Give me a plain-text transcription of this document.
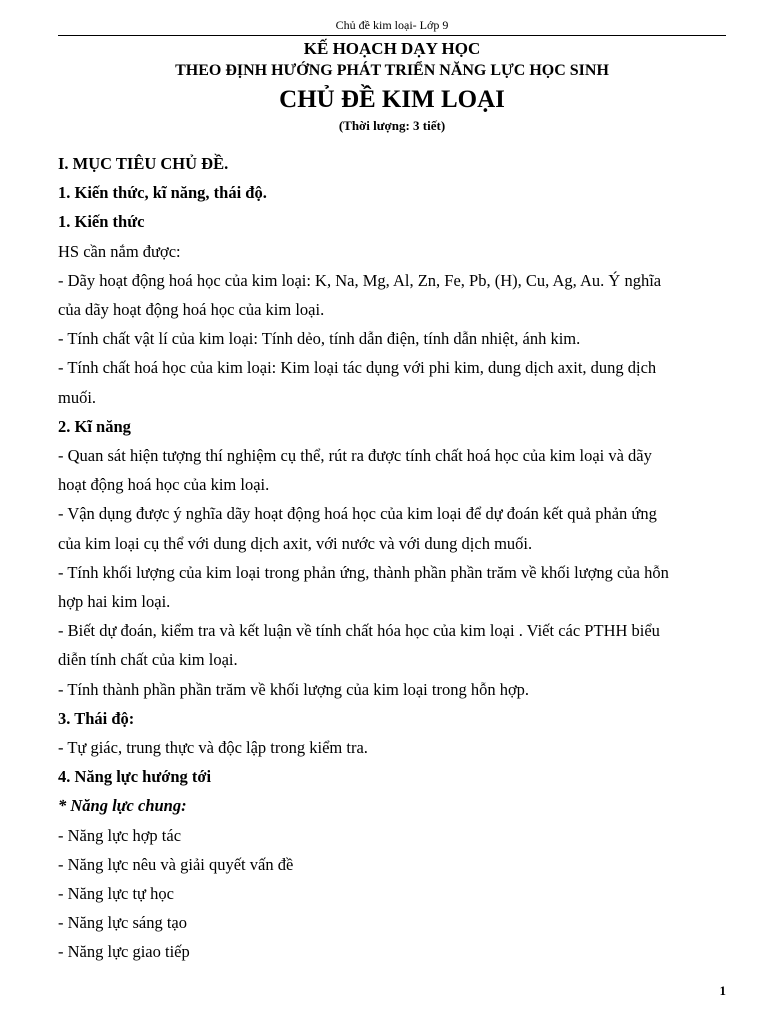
Chủ đề kim loại- Lớp 9

KẾ HOẠCH DẠY HỌC

THEO ĐỊNH HƯỚNG PHÁT TRIỂN NĂNG LỰC HỌC SINH

CHỦ ĐỀ KIM LOẠI

(Thời lượng: 3 tiết)

I. MỤC TIÊU CHỦ ĐỀ.

1. Kiến thức, kĩ năng, thái độ.

1. Kiến thức

HS cần nắm được:

- Dãy hoạt động hoá học của kim loại: K, Na, Mg, Al, Zn, Fe, Pb, (H), Cu, Ag, Au. Ý nghĩa

của dãy hoạt động hoá học của kim loại.

- Tính chất vật lí của kim loại: Tính dẻo, tính dẫn điện, tính dẫn nhiệt, ánh kim.

- Tính chất hoá học của kim loại: Kim loại tác dụng với phi kim, dung dịch axit, dung dịch

muối.

2. Kĩ năng

- Quan sát hiện tượng thí nghiệm cụ thể, rút ra được tính chất hoá học của kim loại và dãy

hoạt động hoá học của kim loại.

- Vận dụng được ý nghĩa dãy hoạt động hoá học của kim loại để dự đoán kết quả phản ứng

của kim loại cụ thể với dung dịch axit, với nước và với dung dịch muối.

- Tính khối lượng của kim loại trong phản ứng, thành phần phần trăm về khối lượng của hỗn

hợp hai kim loại.

- Biết dự đoán, kiểm tra và kết luận về tính chất hóa học của kim loại . Viết các PTHH biểu

diễn tính chất của kim loại.

- Tính thành phần phần trăm về khối lượng của kim loại trong hỗn hợp.

3. Thái độ:

- Tự giác, trung thực và độc lập trong kiểm tra.

4. Năng lực hướng tới

* Năng lực chung:

- Năng lực hợp tác

- Năng lực nêu và giải quyết vấn đề

- Năng lực tự học

- Năng lực sáng tạo

- Năng lực giao tiếp

1
